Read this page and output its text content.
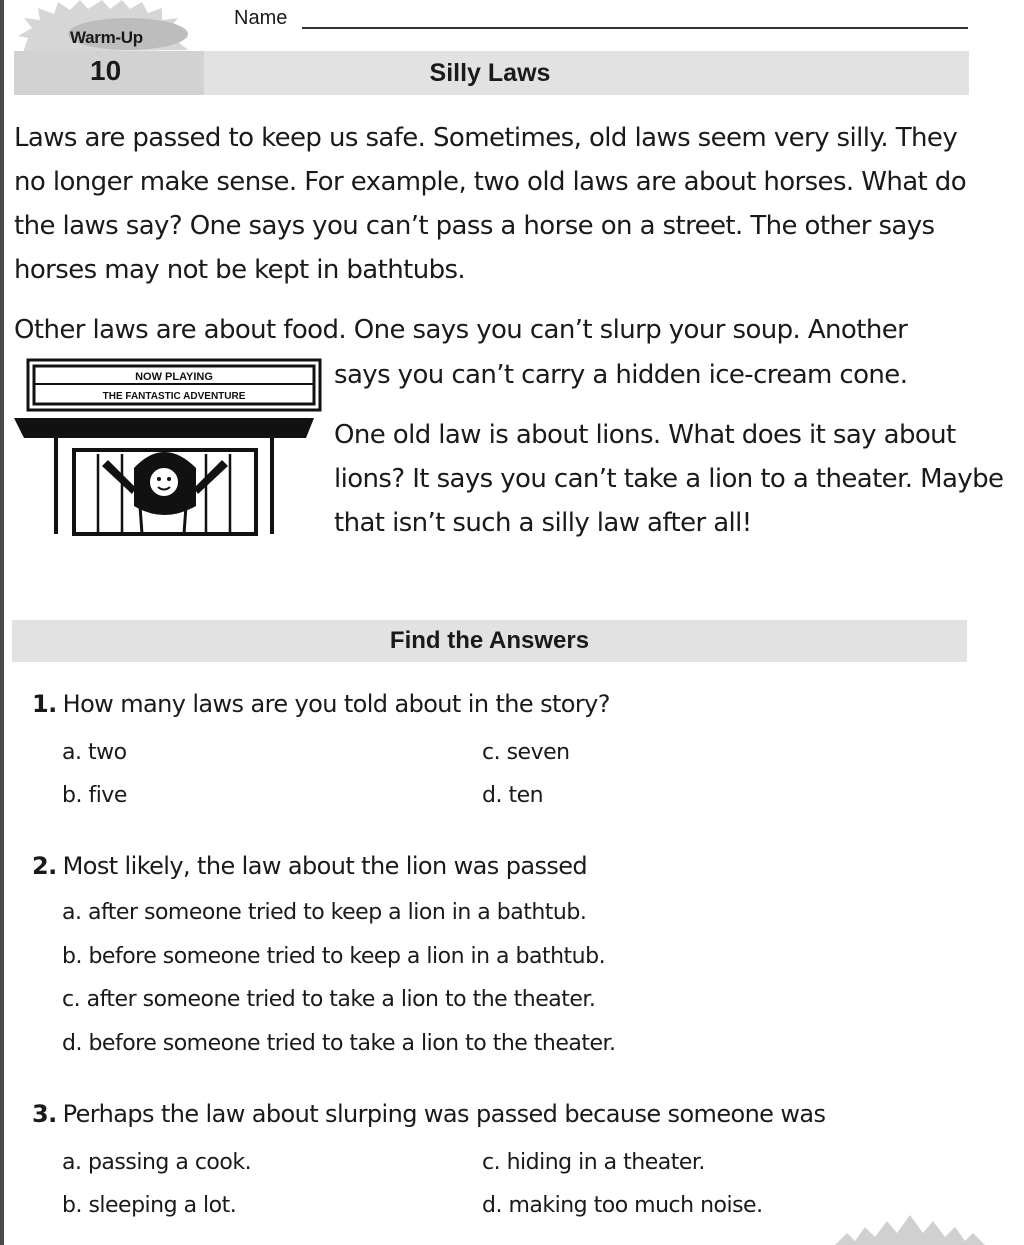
Warm-Up
Name
10	Silly Laws

Laws are passed to keep us safe. Sometimes, old laws seem very silly. They no longer make sense. For example, two old laws are about horses. What do the laws say? One says you can’t pass a horse on a street. The other says horses may not be kept in bathtubs.

Other laws are about food. One says you can’t slurp your soup. Another

says you can’t carry a hidden ice-cream cone.

One old law is about lions. What does it say about lions? It says you can’t take a lion to a theater. Maybe that isn’t such a silly law after all!

NOW PLAYING
THE FANTASTIC ADVENTURE
Find the Answers
1. How many laws are you told about in the story?
a. two	c. seven
b. five	d. ten
2. Most likely, the law about the lion was passed
a. after someone tried to keep a lion in a bathtub.
b. before someone tried to keep a lion in a bathtub.
c. after someone tried to take a lion to the theater.
d. before someone tried to take a lion to the theater.
3. Perhaps the law about slurping was passed because someone was
a. passing a cook.	c. hiding in a theater.
b. sleeping a lot.	d. making too much noise.
